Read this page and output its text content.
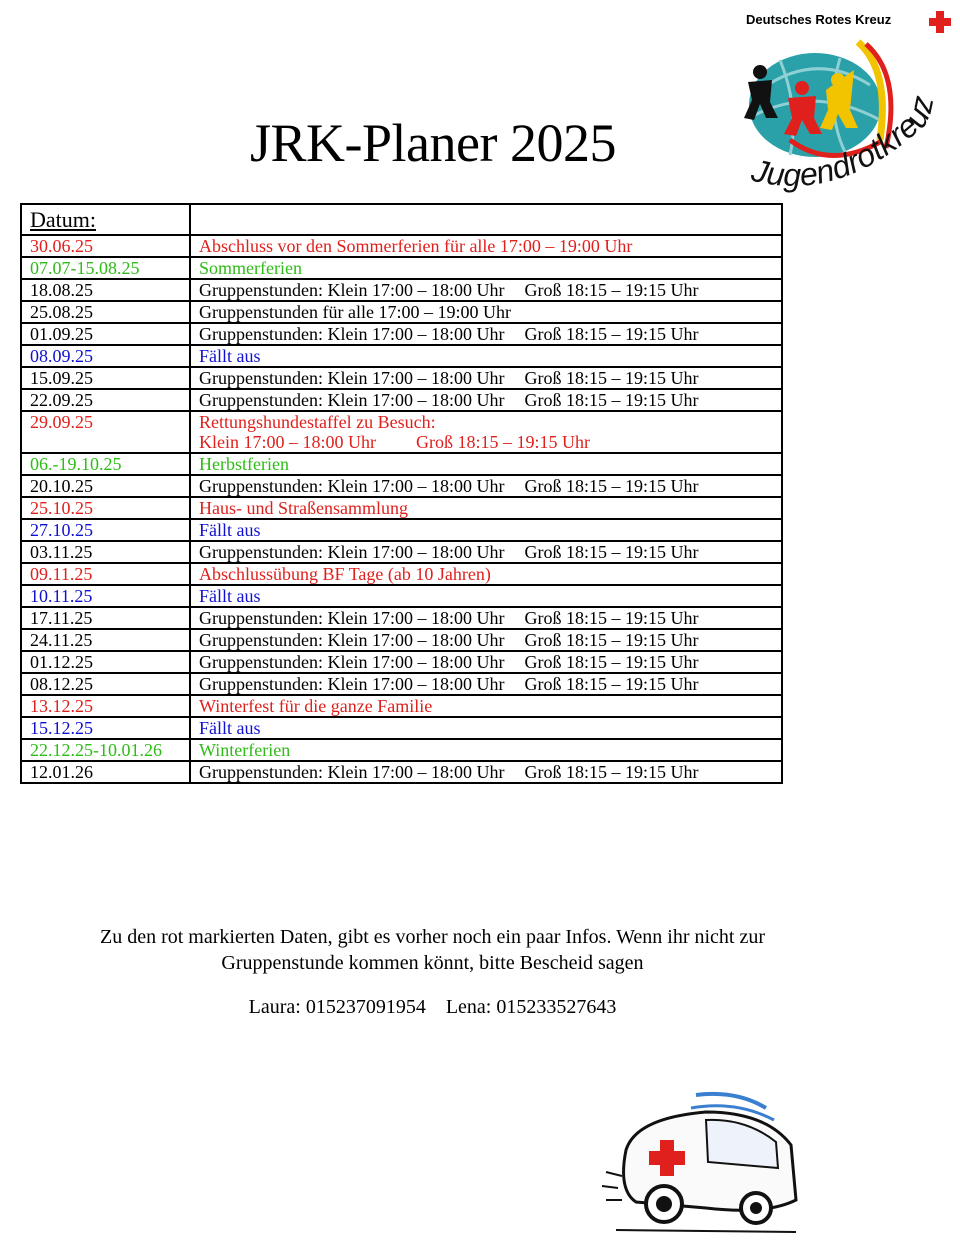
JRK-Planer 2025
Deutsches Rotes Kreuz
Jugendrotkreuz
Datum:	
30.06.25	Abschluss vor den Sommerferien für alle 17:00 – 19:00 Uhr

07.07-15.08.25	Sommerferien

18.08.25	Gruppenstunden: Klein 17:00 – 18:00 Uhr Groß 18:15 – 19:15 Uhr
25.08.25	Gruppenstunden für alle 17:00 – 19:00 Uhr

01.09.25	Gruppenstunden: Klein 17:00 – 18:00 Uhr Groß 18:15 – 19:15 Uhr
08.09.25	Fällt aus

15.09.25	Gruppenstunden: Klein 17:00 – 18:00 Uhr Groß 18:15 – 19:15 Uhr
22.09.25	Gruppenstunden: Klein 17:00 – 18:00 Uhr Groß 18:15 – 19:15 Uhr
29.09.25	Rettungshundestaffel zu Besuch:
Klein 17:00 – 18:00 Uhr Groß 18:15 – 19:15 Uhr

06.-19.10.25	Herbstferien

20.10.25	Gruppenstunden: Klein 17:00 – 18:00 Uhr Groß 18:15 – 19:15 Uhr
25.10.25	Haus- und Straßensammlung

27.10.25	Fällt aus

03.11.25	Gruppenstunden: Klein 17:00 – 18:00 Uhr Groß 18:15 – 19:15 Uhr
09.11.25	Abschlussübung BF Tage (ab 10 Jahren)

10.11.25	Fällt aus

17.11.25	Gruppenstunden: Klein 17:00 – 18:00 Uhr Groß 18:15 – 19:15 Uhr
24.11.25	Gruppenstunden: Klein 17:00 – 18:00 Uhr Groß 18:15 – 19:15 Uhr
01.12.25	Gruppenstunden: Klein 17:00 – 18:00 Uhr Groß 18:15 – 19:15 Uhr
08.12.25	Gruppenstunden: Klein 17:00 – 18:00 Uhr Groß 18:15 – 19:15 Uhr
13.12.25	Winterfest für die ganze Familie

15.12.25	Fällt aus

22.12.25-10.01.26	Winterferien

12.01.26	Gruppenstunden: Klein 17:00 – 18:00 Uhr Groß 18:15 – 19:15 Uhr
Zu den rot markierten Daten, gibt es vorher noch ein paar Infos. Wenn ihr nicht zur
Gruppenstunde kommen könnt, bitte Bescheid sagen
Laura: 015237091954 Lena: 015233527643
